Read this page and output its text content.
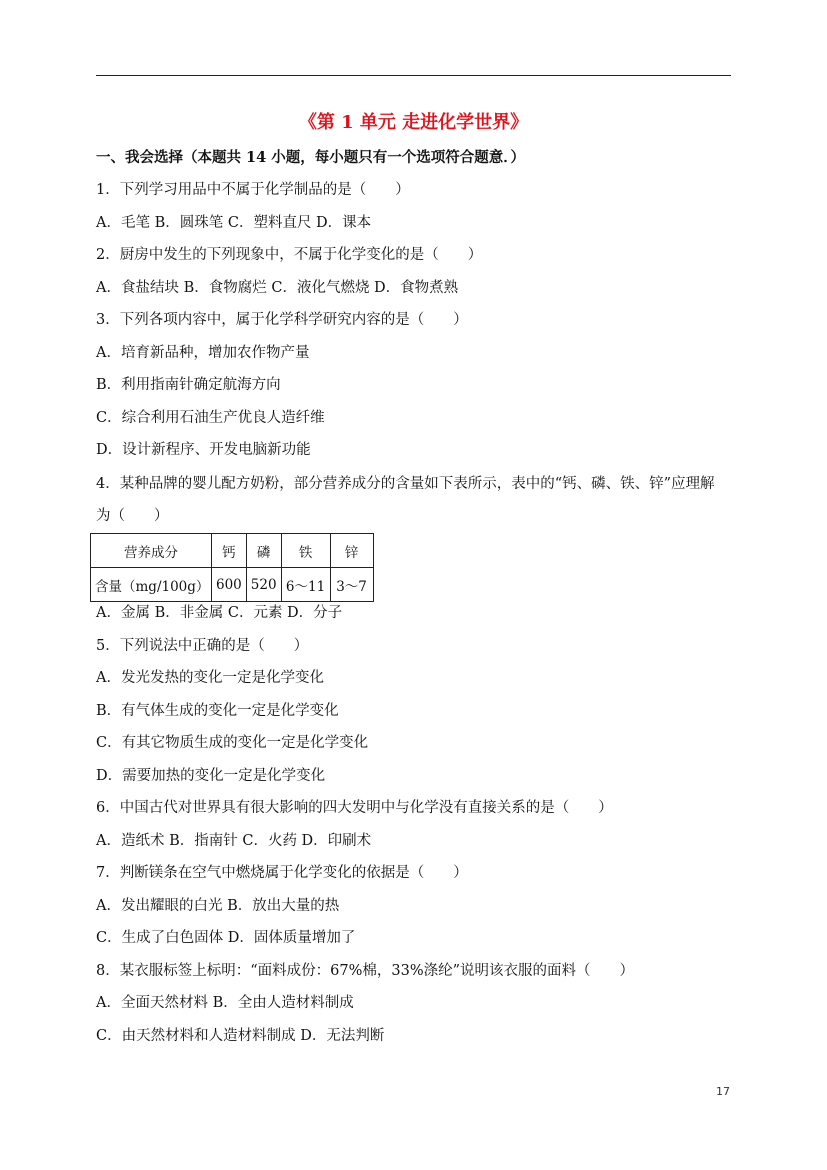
《第 1 单元 走进化学世界》
一、我会选择（本题共 14 小题，每小题只有一个选项符合题意．）
1．下列学习用品中不属于化学制品的是（　　）
A．毛笔 B．圆珠笔 C．塑料直尺 D．课本
2．厨房中发生的下列现象中，不属于化学变化的是（　　）
A．食盐结块 B．食物腐烂 C．液化气燃烧 D．食物煮熟
3．下列各项内容中，属于化学科学研究内容的是（　　）
A．培育新品种，增加农作物产量
B．利用指南针确定航海方向
C．综合利用石油生产优良人造纤维
D．设计新程序、开发电脑新功能
4．某种品牌的婴儿配方奶粉，部分营养成分的含量如下表所示，表中的“钙、磷、铁、锌”应理解
为（　　）
营养成分	钙	磷	铁	锌
含量（mg/100g）	600	520	6～11	3～7
A．金属 B．非金属 C．元素 D．分子
5．下列说法中正确的是（　　）
A．发光发热的变化一定是化学变化
B．有气体生成的变化一定是化学变化
C．有其它物质生成的变化一定是化学变化
D．需要加热的变化一定是化学变化
6．中国古代对世界具有很大影响的四大发明中与化学没有直接关系的是（　　）
A．造纸术 B．指南针 C．火药 D．印刷术
7．判断镁条在空气中燃烧属于化学变化的依据是（　　）
A．发出耀眼的白光 B．放出大量的热
C．生成了白色固体 D．固体质量增加了
8．某衣服标签上标明：“面料成份：67%棉，33%涤纶”说明该衣服的面料（　　）
A．全面天然材料 B．全由人造材料制成
C．由天然材料和人造材料制成 D．无法判断
17
